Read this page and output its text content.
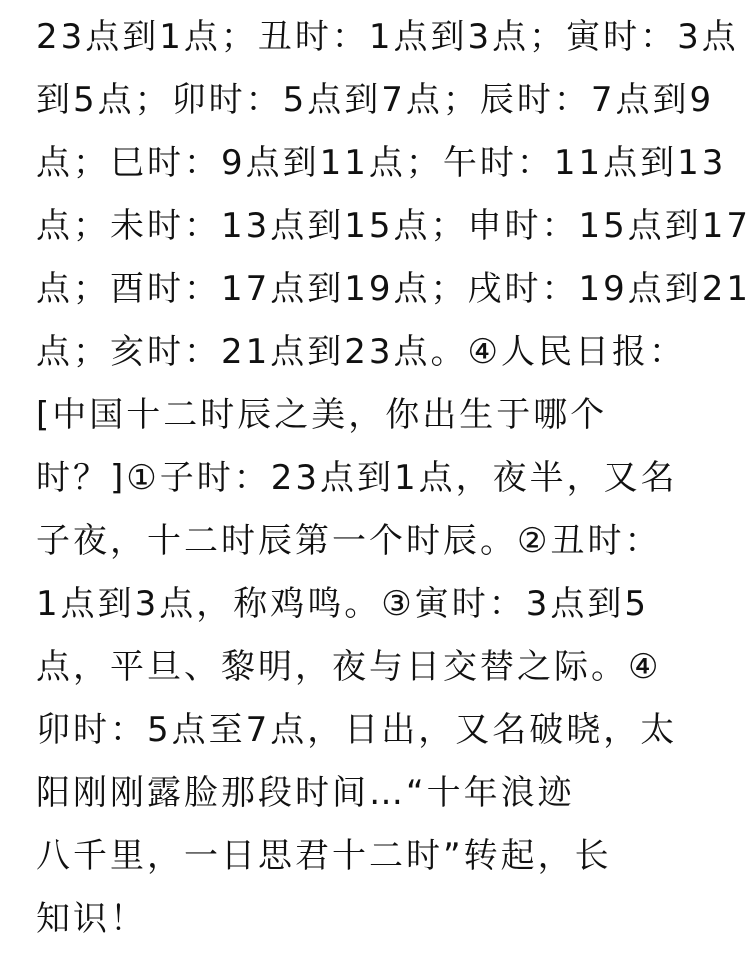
23点到1点；丑时：1点到3点；寅时：3点
到5点；卯时：5点到7点；辰时：7点到9
点；巳时：9点到11点；午时：11点到13
点；未时：13点到15点；申时：15点到17
点；酉时：17点到19点；戌时：19点到21
点；亥时：21点到23点。④人民日报：
[中国十二时辰之美，你出生于哪个
时？]①子时：23点到1点，夜半，又名
子夜，十二时辰第一个时辰。②丑时：
1点到3点，称鸡鸣。③寅时：3点到5
点，平旦、黎明，夜与日交替之际。④
卯时：5点至7点，日出，又名破晓，太
阳刚刚露脸那段时间…“十年浪迹
八千里，一日思君十二时”转起，长
知识！
